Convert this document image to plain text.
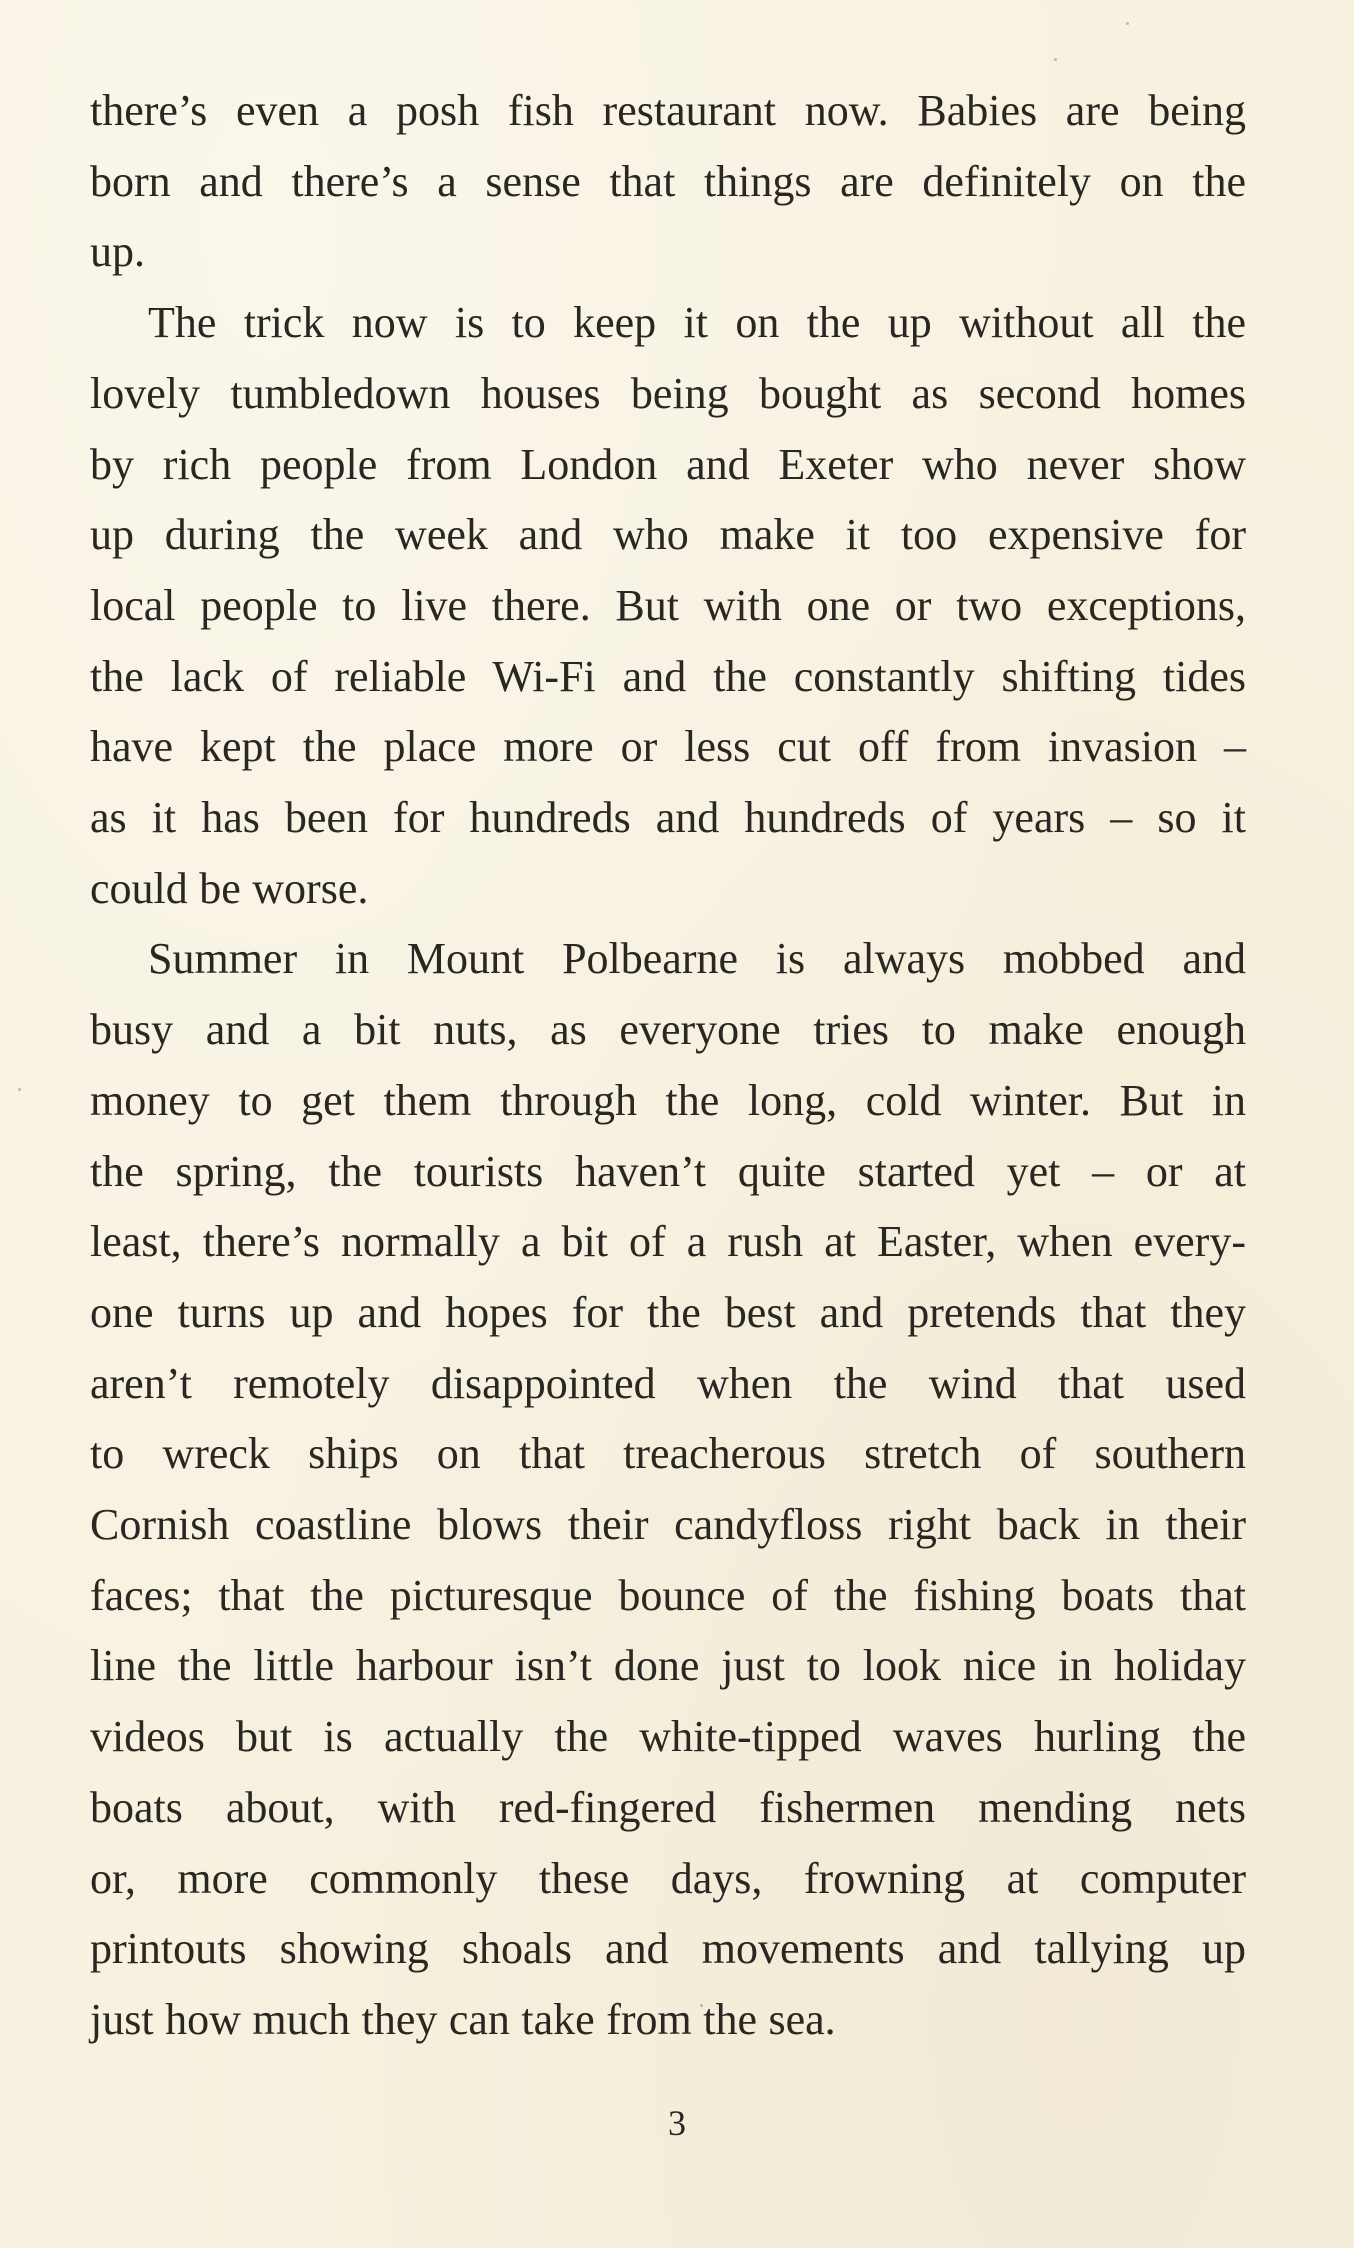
there’s even a posh fish restaurant now. Babies are being
born and there’s a sense that things are definitely on the
up.

The trick now is to keep it on the up without all the
lovely tumbledown houses being bought as second homes
by rich people from London and Exeter who never show
up during the week and who make it too expensive for
local people to live there. But with one or two exceptions,
the lack of reliable Wi-Fi and the constantly shifting tides
have kept the place more or less cut off from invasion –
as it has been for hundreds and hundreds of years – so it
could be worse.

Summer in Mount Polbearne is always mobbed and
busy and a bit nuts, as everyone tries to make enough
money to get them through the long, cold winter. But in
the spring, the tourists haven’t quite started yet – or at
least, there’s normally a bit of a rush at Easter, when every-
one turns up and hopes for the best and pretends that they
aren’t remotely disappointed when the wind that used
to wreck ships on that treacherous stretch of southern
Cornish coastline blows their candyfloss right back in their
faces; that the picturesque bounce of the fishing boats that
line the little harbour isn’t done just to look nice in holiday
videos but is actually the white-tipped waves hurling the
boats about, with red-fingered fishermen mending nets
or, more commonly these days, frowning at computer
printouts showing shoals and movements and tallying up
just how much they can take from the sea.

3
